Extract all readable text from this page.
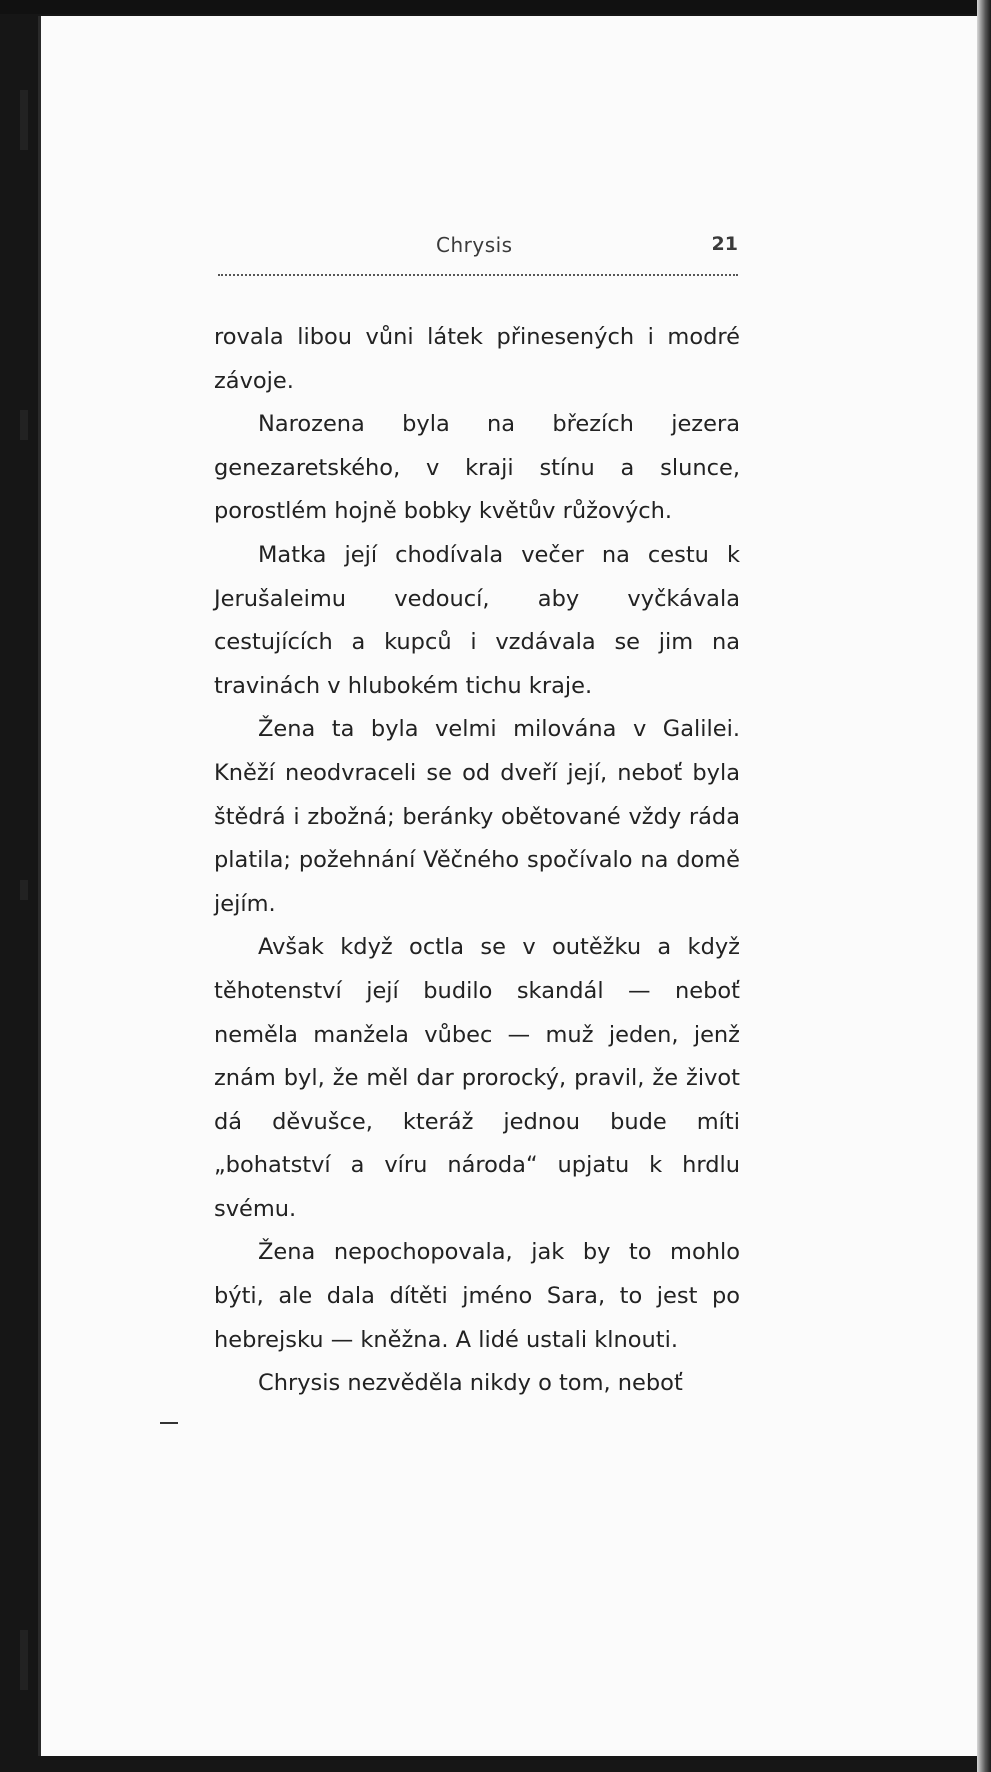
Chrysis	21

rovala libou vůni látek přinesených i modré závoje.

Narozena byla na březích jezera genezaretského, v kraji stínu a slunce, porostlém hojně bobky květův růžových.

Matka její chodívala večer na cestu k Jerušaleimu vedoucí, aby vyčkávala cestujících a kupců i vzdávala se jim na travinách v hlubokém tichu kraje.

Žena ta byla velmi milována v Galilei. Kněží neodvraceli se od dveří její, neboť byla štědrá i zbožná; beránky obětované vždy ráda platila; požehnání Věčného spočívalo na domě jejím.

Avšak když octla se v outěžku a když těhotenství její budilo skandál — neboť neměla manžela vůbec — muž jeden, jenž znám byl, že měl dar prorocký, pravil, že život dá děvušce, kteráž jednou bude míti „bohatství a víru národa“ upjatu k hrdlu svému.

Žena nepochopovala, jak by to mohlo býti, ale dala dítěti jméno Sara, to jest po hebrejsku — kněžna. A lidé ustali klnouti.

Chrysis nezvěděla nikdy o tom, neboť
